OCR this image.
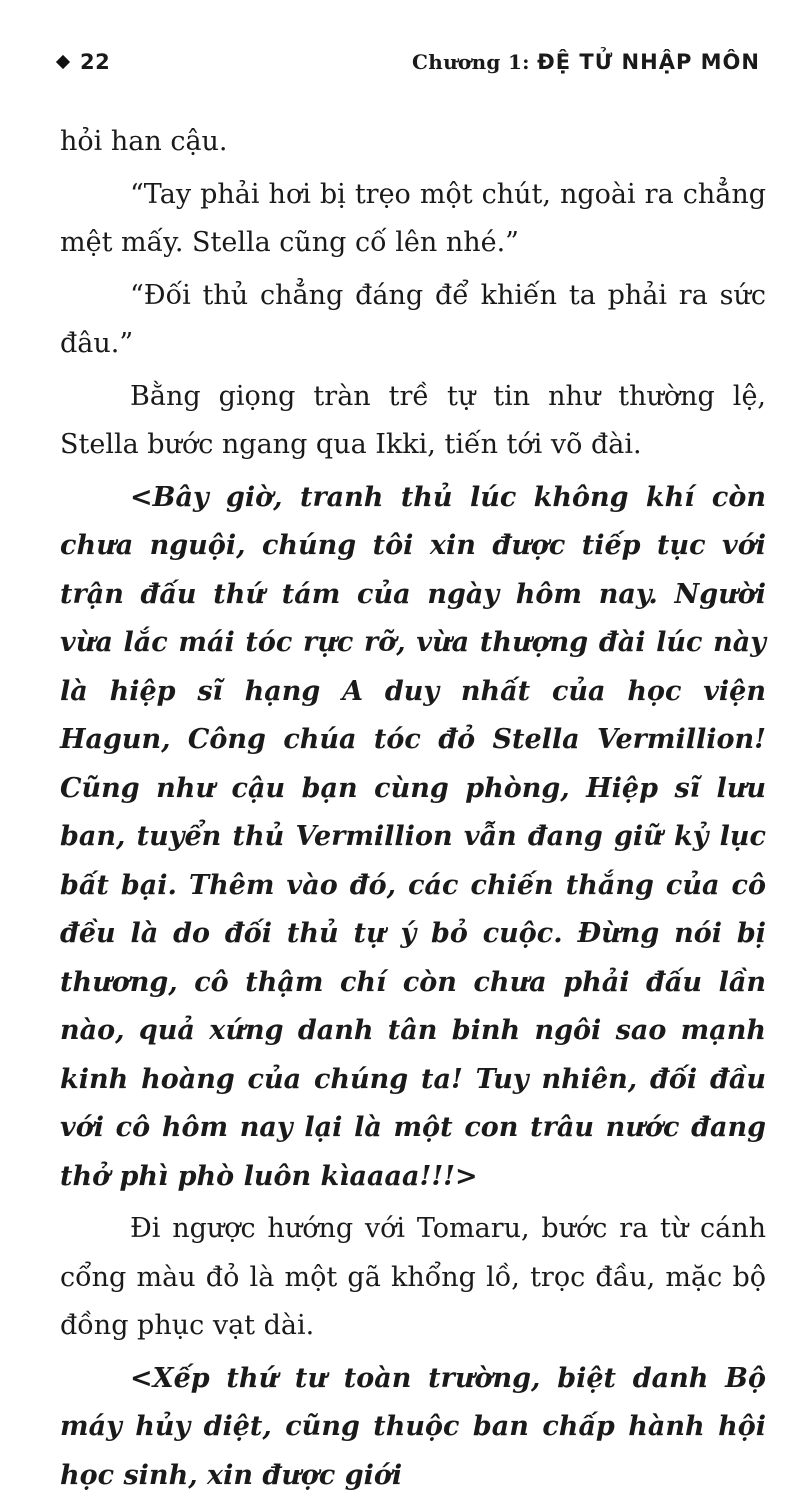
22	Chương 1: ĐỆ TỬ NHẬP MÔN

hỏi han cậu.

“Tay phải hơi bị trẹo một chút, ngoài ra chẳng mệt mấy. Stella cũng cố lên nhé.”

“Đối thủ chẳng đáng để khiến ta phải ra sức đâu.”

Bằng giọng tràn trề tự tin như thường lệ, Stella bước ngang qua Ikki, tiến tới võ đài.

<Bây giờ, tranh thủ lúc không khí còn chưa nguội, chúng tôi xin được tiếp tục với trận đấu thứ tám của ngày hôm nay. Người vừa lắc mái tóc rực rỡ, vừa thượng đài lúc này là hiệp sĩ hạng A duy nhất của học viện Hagun, Công chúa tóc đỏ Stella Vermillion! Cũng như cậu bạn cùng phòng, Hiệp sĩ lưu ban, tuyển thủ Vermillion vẫn đang giữ kỷ lục bất bại. Thêm vào đó, các chiến thắng của cô đều là do đối thủ tự ý bỏ cuộc. Đừng nói bị thương, cô thậm chí còn chưa phải đấu lần nào, quả xứng danh tân binh ngôi sao mạnh kinh hoàng của chúng ta! Tuy nhiên, đối đầu với cô hôm nay lại là một con trâu nước đang thở phì phò luôn kìaaaa!!!>

Đi ngược hướng với Tomaru, bước ra từ cánh cổng màu đỏ là một gã khổng lồ, trọc đầu, mặc bộ đồng phục vạt dài.

<Xếp thứ tư toàn trường, biệt danh Bộ máy hủy diệt, cũng thuộc ban chấp hành hội học sinh, xin được giới
